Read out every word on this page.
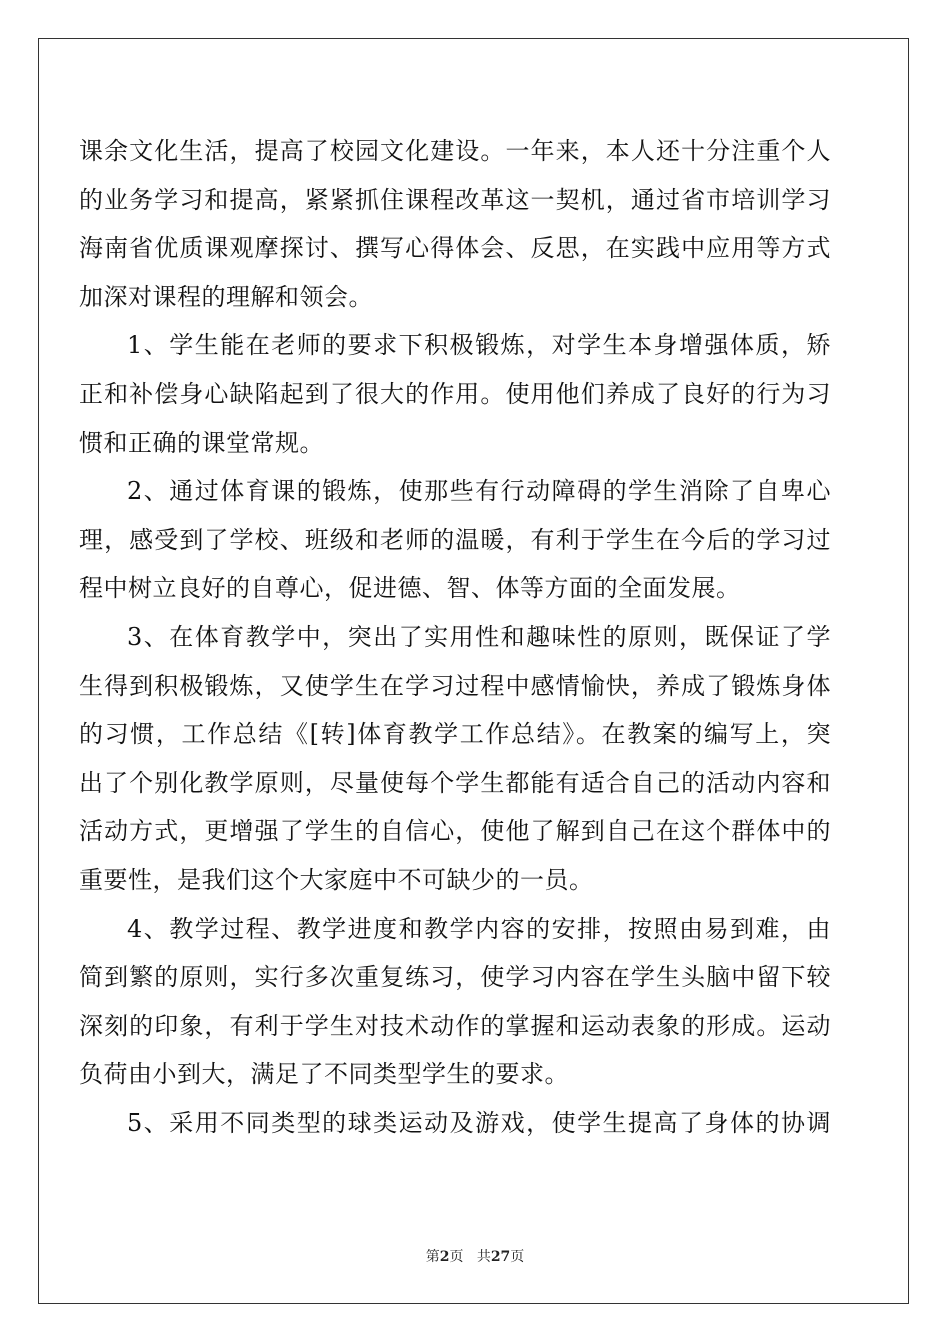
课余文化生活，提高了校园文化建设。一年来，本人还十分注重个人
的业务学习和提高，紧紧抓住课程改革这一契机，通过省市培训学习
海南省优质课观摩探讨、撰写心得体会、反思，在实践中应用等方式
加深对课程的理解和领会。
1、学生能在老师的要求下积极锻炼，对学生本身增强体质，矫
正和补偿身心缺陷起到了很大的作用。使用他们养成了良好的行为习
惯和正确的课堂常规。
2、通过体育课的锻炼，使那些有行动障碍的学生消除了自卑心
理，感受到了学校、班级和老师的温暖，有利于学生在今后的学习过
程中树立良好的自尊心，促进德、智、体等方面的全面发展。
3、在体育教学中，突出了实用性和趣味性的原则，既保证了学
生得到积极锻炼，又使学生在学习过程中感情愉快，养成了锻炼身体
的习惯，工作总结《[转]体育教学工作总结》。在教案的编写上，突
出了个别化教学原则，尽量使每个学生都能有适合自己的活动内容和
活动方式，更增强了学生的自信心，使他了解到自己在这个群体中的
重要性，是我们这个大家庭中不可缺少的一员。
4、教学过程、教学进度和教学内容的安排，按照由易到难，由
简到繁的原则，实行多次重复练习，使学习内容在学生头脑中留下较
深刻的印象，有利于学生对技术动作的掌握和运动表象的形成。运动
负荷由小到大，满足了不同类型学生的要求。
5、采用不同类型的球类运动及游戏，使学生提高了身体的协调
第2页 共27页
